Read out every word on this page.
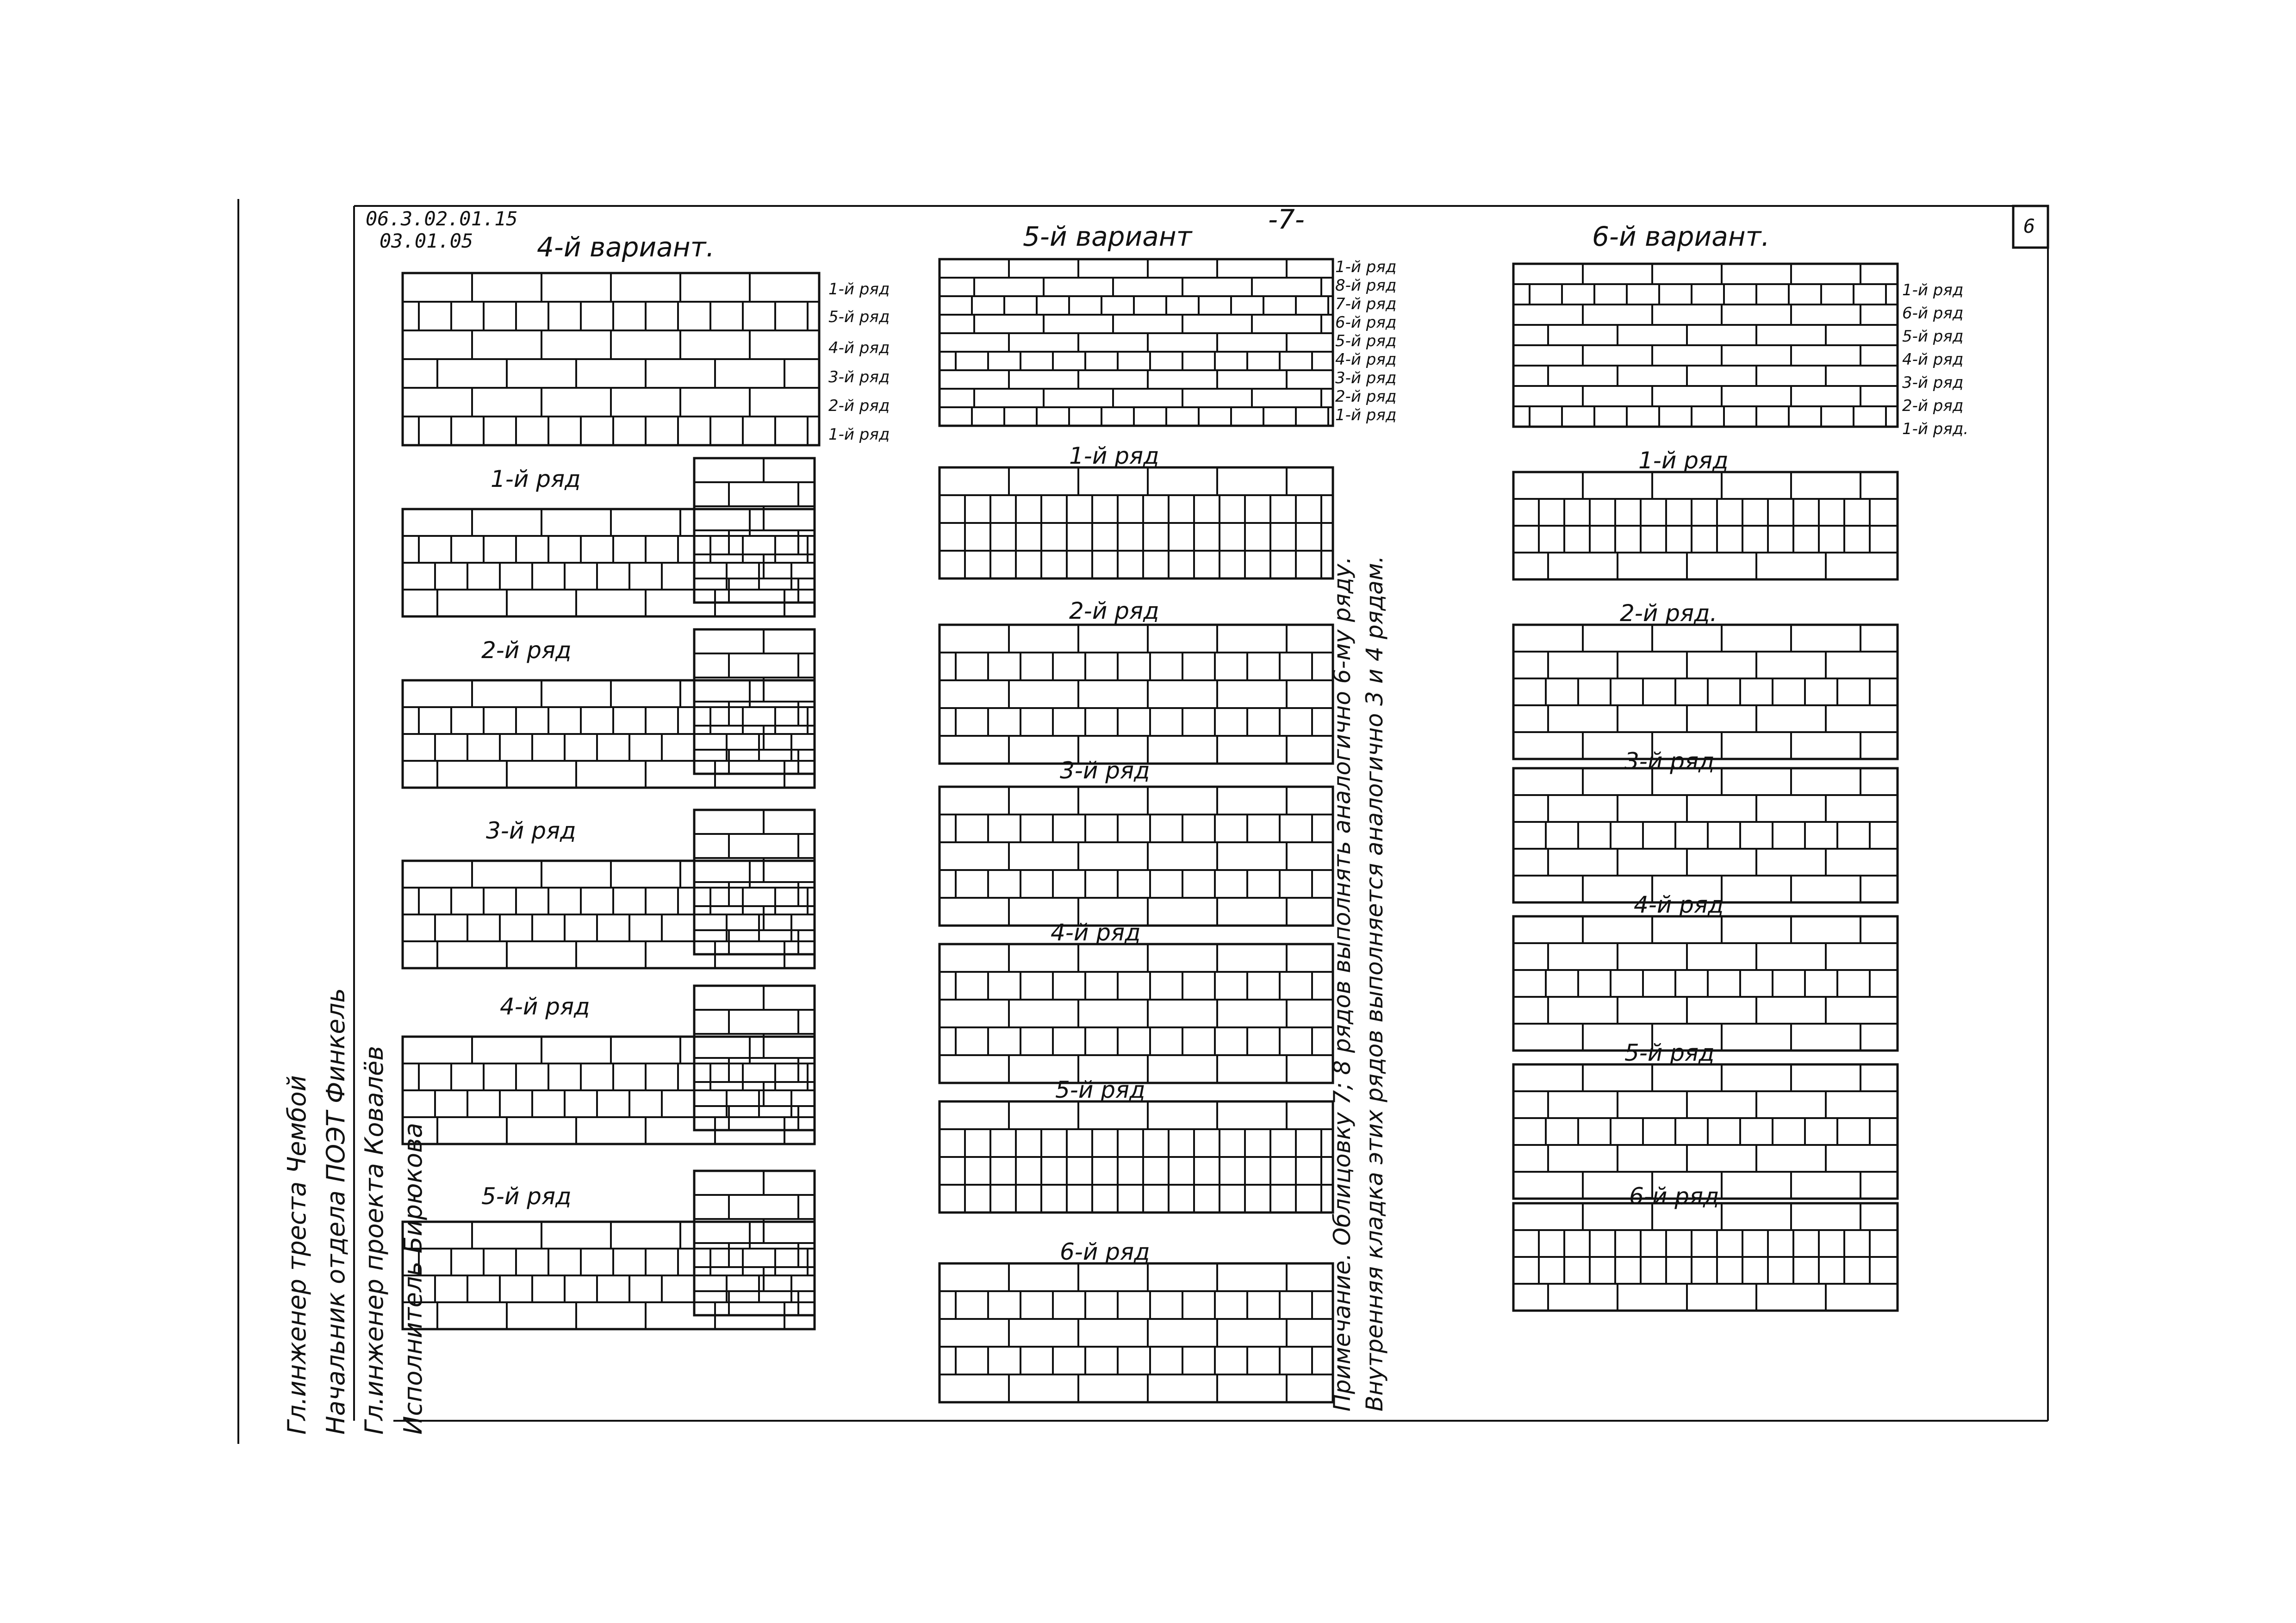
06.3.02.01.15
03.01.05
-7-	6
4-й вариант.	5-й вариант	6-й вариант.
1-й ряд
5-й ряд
4-й ряд
3-й ряд
2-й ряд
1-й ряд
1-й ряд
8-й ряд
7-й ряд
6-й ряд
5-й ряд
4-й ряд
3-й ряд
2-й ряд
1-й ряд
1-й ряд
6-й ряд
5-й ряд
4-й ряд
3-й ряд
2-й ряд
1-й ряд.
1-й ряд
2-й ряд
3-й ряд
4-й ряд
5-й ряд
1-й ряд
2-й ряд
3-й ряд
4-й ряд
5-й ряд
6-й ряд
1-й ряд
2-й ряд.
3-й ряд
4-й ряд
5-й ряд
6-й ряд
Гл.инженер треста Чембой Начальник отдела ПОЭТ Финкель Гл.инженер проекта Ковалёв Исполнитель Бирюкова	Примечание. Облицовку 7; 8 рядов выполнять аналогично 6-му ряду. Внутренняя кладка этих рядов выполняется аналогично 3 и 4 рядам.
